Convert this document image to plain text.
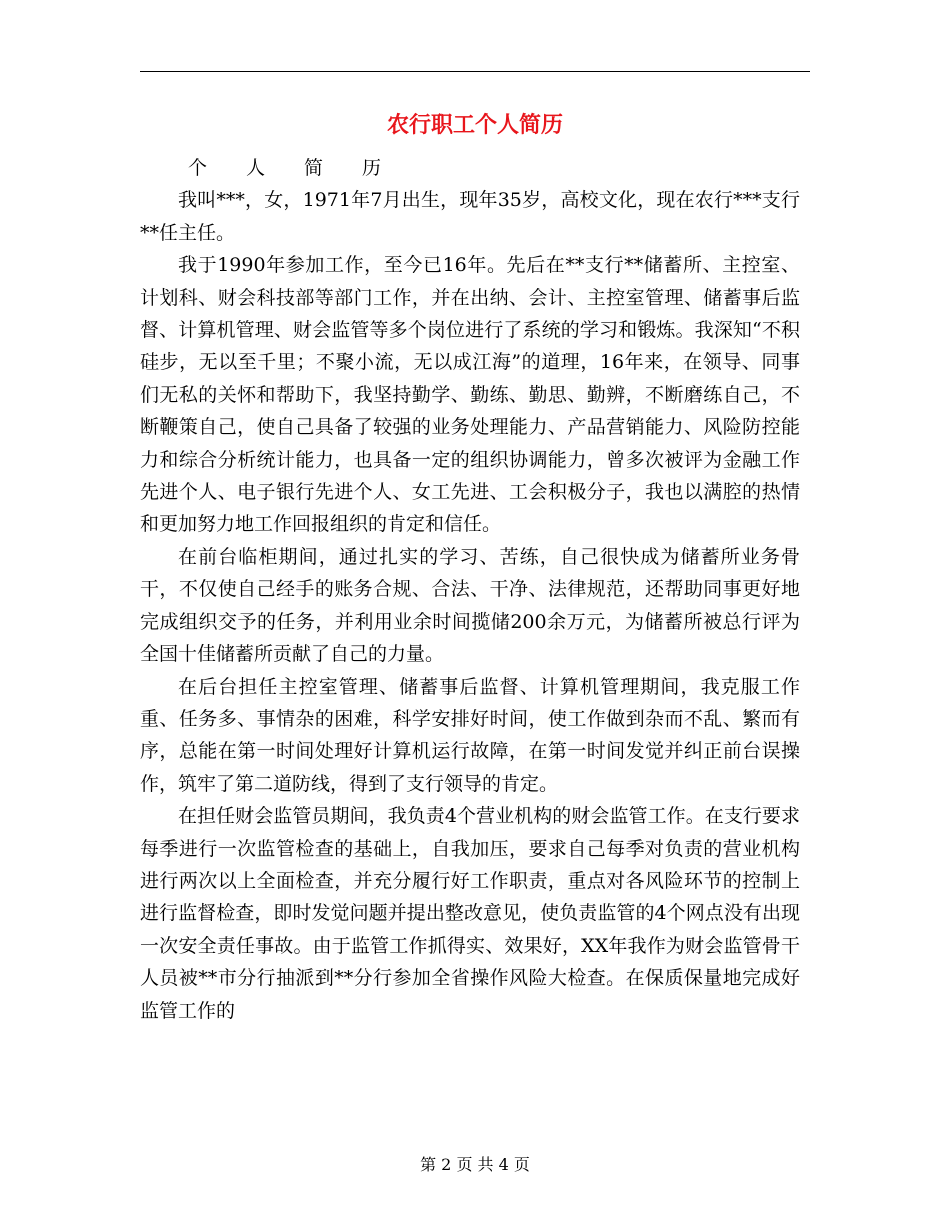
农行职工个人简历

个 人 简 历

我叫***，女，1971年7月出生，现年35岁，高校文化，现在农行***支行**任主任。

我于1990年参加工作，至今已16年。先后在**支行**储蓄所、主控室、计划科、财会科技部等部门工作，并在出纳、会计、主控室管理、储蓄事后监督、计算机管理、财会监管等多个岗位进行了系统的学习和锻炼。我深知“不积硅步，无以至千里；不聚小流，无以成江海”的道理，16年来，在领导、同事们无私的关怀和帮助下，我坚持勤学、勤练、勤思、勤辨，不断磨练自己，不断鞭策自己，使自己具备了较强的业务处理能力、产品营销能力、风险防控能力和综合分析统计能力，也具备一定的组织协调能力，曾多次被评为金融工作先进个人、电子银行先进个人、女工先进、工会积极分子，我也以满腔的热情和更加努力地工作回报组织的肯定和信任。

在前台临柜期间，通过扎实的学习、苦练，自己很快成为储蓄所业务骨干，不仅使自己经手的账务合规、合法、干净、法律规范，还帮助同事更好地完成组织交予的任务，并利用业余时间揽储200余万元，为储蓄所被总行评为全国十佳储蓄所贡献了自己的力量。

在后台担任主控室管理、储蓄事后监督、计算机管理期间，我克服工作重、任务多、事情杂的困难，科学安排好时间，使工作做到杂而不乱、繁而有序，总能在第一时间处理好计算机运行故障，在第一时间发觉并纠正前台误操作，筑牢了第二道防线，得到了支行领导的肯定。

在担任财会监管员期间，我负责4个营业机构的财会监管工作。在支行要求每季进行一次监管检查的基础上，自我加压，要求自己每季对负责的营业机构进行两次以上全面检查，并充分履行好工作职责，重点对各风险环节的控制上进行监督检查，即时发觉问题并提出整改意见，使负责监管的4个网点没有出现一次安全责任事故。由于监管工作抓得实、效果好，XX年我作为财会监管骨干人员被**市分行抽派到**分行参加全省操作风险大检查。在保质保量地完成好监管工作的

第 2 页 共 4 页
